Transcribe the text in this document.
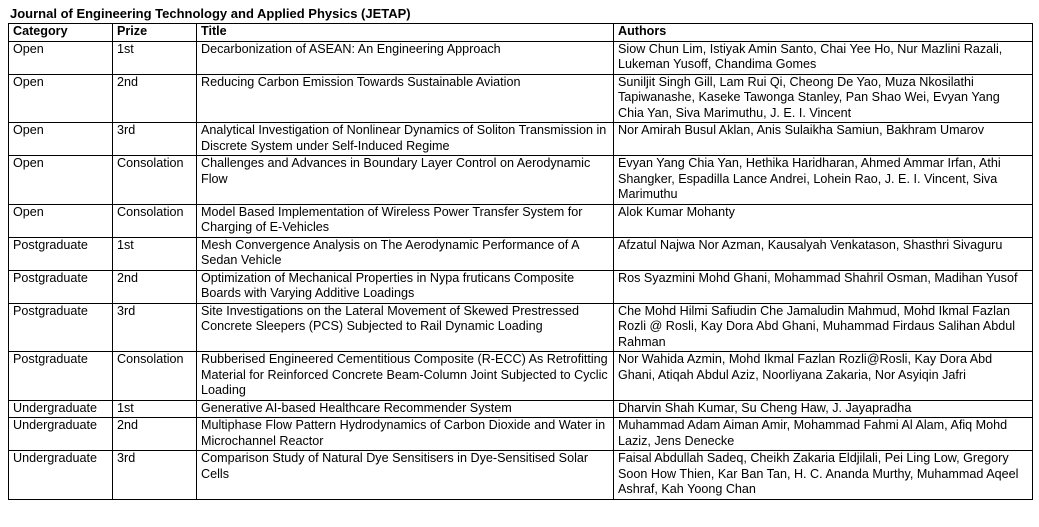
Journal of Engineering Technology and Applied Physics (JETAP)
Category	Prize	Title	Authors
Open	1st	Decarbonization of ASEAN: An Engineering Approach	Siow Chun Lim, Istiyak Amin Santo, Chai Yee Ho, Nur Mazlini Razali, Lukeman Yusoff, Chandima Gomes
Open	2nd	Reducing Carbon Emission Towards Sustainable Aviation	Suniljit Singh Gill, Lam Rui Qi, Cheong De Yao, Muza Nkosilathi Tapiwanashe, Kaseke Tawonga Stanley, Pan Shao Wei, Evyan Yang Chia Yan, Siva Marimuthu, J. E. I. Vincent
Open	3rd	Analytical Investigation of Nonlinear Dynamics of Soliton Transmission in Discrete System under Self-Induced Regime	Nor Amirah Busul Aklan, Anis Sulaikha Samiun, Bakhram Umarov
Open	Consolation	Challenges and Advances in Boundary Layer Control on Aerodynamic Flow	Evyan Yang Chia Yan, Hethika Haridharan, Ahmed Ammar Irfan, Athi Shangker, Espadilla Lance Andrei, Lohein Rao, J. E. I. Vincent, Siva Marimuthu
Open	Consolation	Model Based Implementation of Wireless Power Transfer System for Charging of E-Vehicles	Alok Kumar Mohanty
Postgraduate	1st	Mesh Convergence Analysis on The Aerodynamic Performance of A Sedan Vehicle	Afzatul Najwa Nor Azman, Kausalyah Venkatason, Shasthri Sivaguru
Postgraduate	2nd	Optimization of Mechanical Properties in Nypa fruticans Composite Boards with Varying Additive Loadings	Ros Syazmini Mohd Ghani, Mohammad Shahril Osman, Madihan Yusof
Postgraduate	3rd	Site Investigations on the Lateral Movement of Skewed Prestressed Concrete Sleepers (PCS) Subjected to Rail Dynamic Loading	Che Mohd Hilmi Safiudin Che Jamaludin Mahmud, Mohd Ikmal Fazlan Rozli @ Rosli, Kay Dora Abd Ghani, Muhammad Firdaus Salihan Abdul Rahman
Postgraduate	Consolation	Rubberised Engineered Cementitious Composite (R-ECC) As Retrofitting Material for Reinforced Concrete Beam-Column Joint Subjected to Cyclic Loading	Nor Wahida Azmin, Mohd Ikmal Fazlan Rozli@Rosli, Kay Dora Abd Ghani, Atiqah Abdul Aziz, Noorliyana Zakaria, Nor Asyiqin Jafri
Undergraduate	1st	Generative AI-based Healthcare Recommender System	Dharvin Shah Kumar, Su Cheng Haw, J. Jayapradha
Undergraduate	2nd	Multiphase Flow Pattern Hydrodynamics of Carbon Dioxide and Water in Microchannel Reactor	Muhammad Adam Aiman Amir, Mohammad Fahmi Al Alam, Afiq Mohd Laziz, Jens Denecke
Undergraduate	3rd	Comparison Study of Natural Dye Sensitisers in Dye-Sensitised Solar Cells	Faisal Abdullah Sadeq, Cheikh Zakaria Eldjilali, Pei Ling Low, Gregory Soon How Thien, Kar Ban Tan, H. C. Ananda Murthy, Muhammad Aqeel Ashraf, Kah Yoong Chan
